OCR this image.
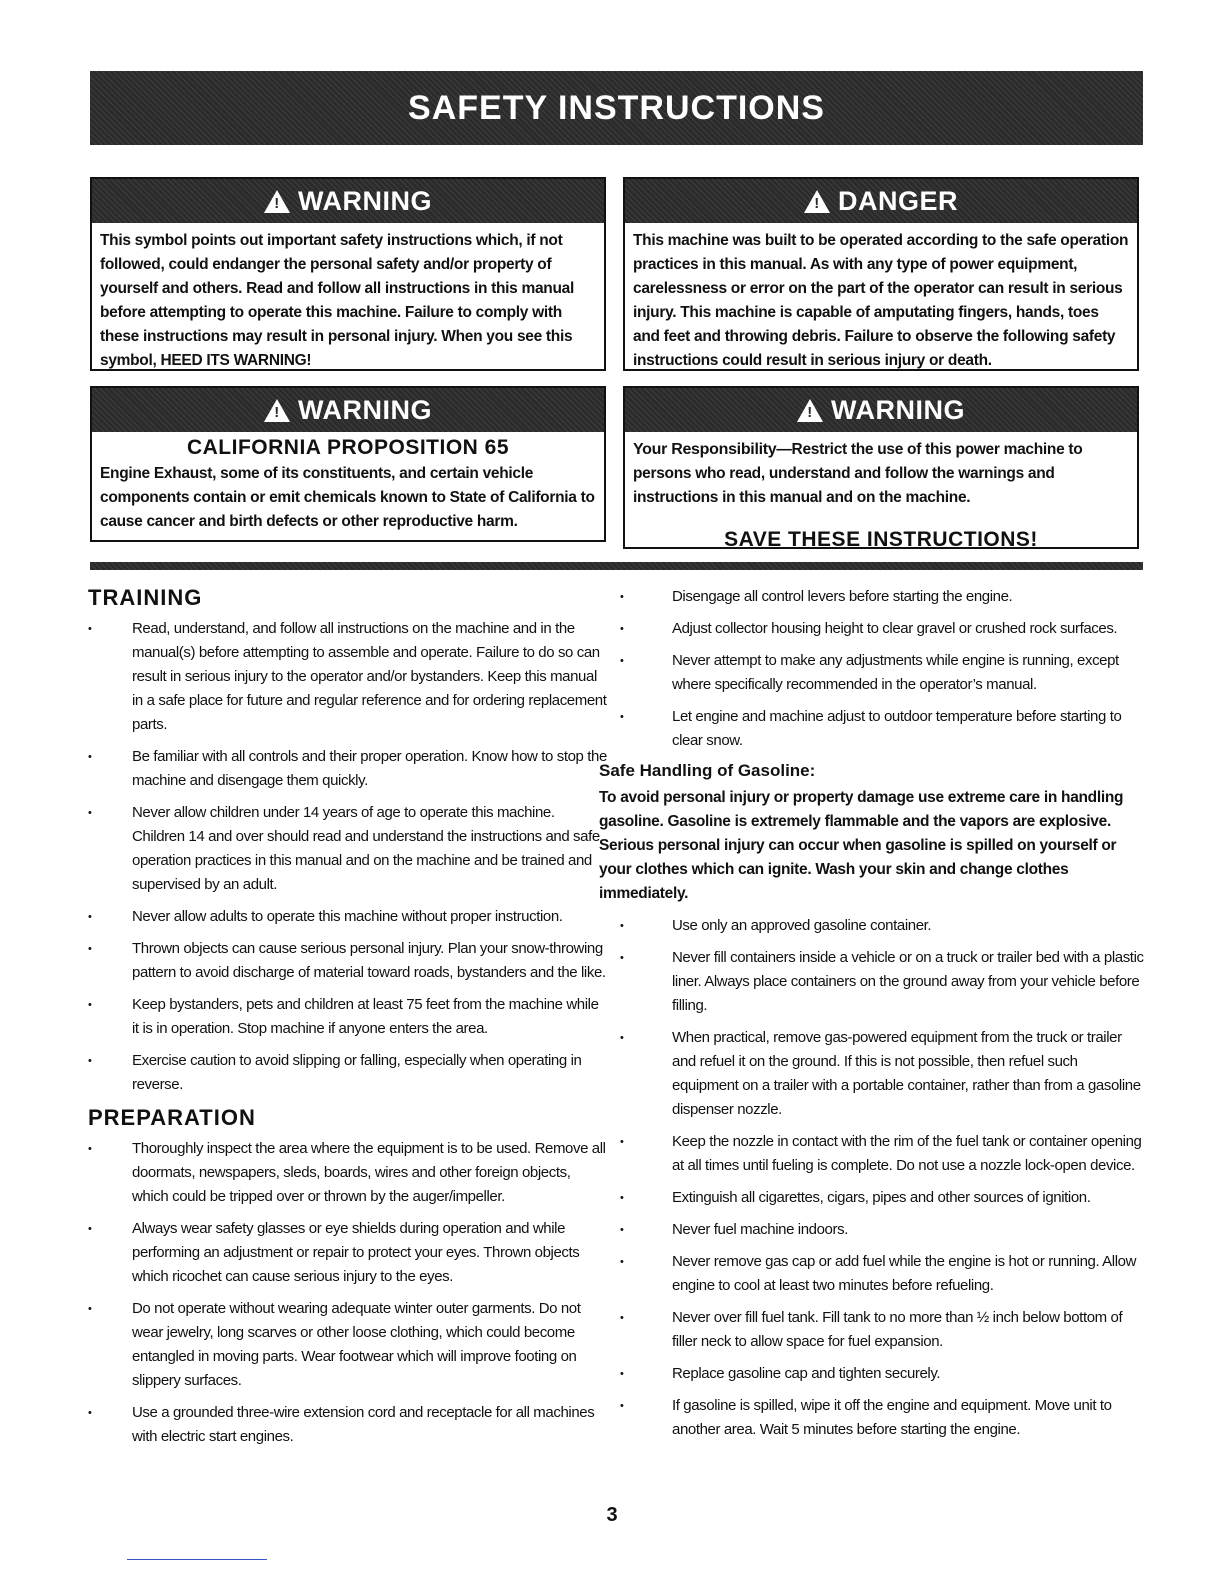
SAFETY INSTRUCTIONS
! WARNING
This symbol points out important safety instructions which, if not followed, could endanger the personal safety and/or property of yourself and others. Read and follow all instructions in this manual before attempting to operate this machine. Failure to comply with these instructions may result in personal injury. When you see this symbol, HEED ITS WARNING!
! DANGER
This machine was built to be operated according to the safe operation practices in this manual. As with any type of power equipment, carelessness or error on the part of the operator can result in serious injury. This machine is capable of amputating fingers, hands, toes and feet and throwing debris. Failure to observe the following safety instructions could result in serious injury or death.
! WARNING
CALIFORNIA PROPOSITION 65
Engine Exhaust, some of its constituents, and certain vehicle components contain or emit chemicals known to State of California to cause cancer and birth defects or other reproductive harm.
! WARNING
Your Responsibility—Restrict the use of this power machine to persons who read, understand and follow the warnings and instructions in this manual and on the machine.
SAVE THESE INSTRUCTIONS!
TRAINING
• Read, understand, and follow all instructions on the machine and in the manual(s) before attempting to assemble and operate. Failure to do so can result in serious injury to the operator and/or bystanders. Keep this manual in a safe place for future and regular reference and for ordering replacement parts.
• Be familiar with all controls and their proper operation. Know how to stop the machine and disengage them quickly.
• Never allow children under 14 years of age to operate this machine. Children 14 and over should read and understand the instructions and safe operation practices in this manual and on the machine and be trained and supervised by an adult.
• Never allow adults to operate this machine without proper instruction.
• Thrown objects can cause serious personal injury. Plan your snow-throwing pattern to avoid discharge of material toward roads, bystanders and the like.
• Keep bystanders, pets and children at least 75 feet from the machine while it is in operation. Stop machine if anyone enters the area.
• Exercise caution to avoid slipping or falling, especially when operating in reverse.
PREPARATION
• Thoroughly inspect the area where the equipment is to be used. Remove all doormats, newspapers, sleds, boards, wires and other foreign objects, which could be tripped over or thrown by the auger/impeller.
• Always wear safety glasses or eye shields during operation and while performing an adjustment or repair to protect your eyes. Thrown objects which ricochet can cause serious injury to the eyes.
• Do not operate without wearing adequate winter outer garments. Do not wear jewelry, long scarves or other loose clothing, which could become entangled in moving parts. Wear footwear which will improve footing on slippery surfaces.
• Use a grounded three-wire extension cord and receptacle for all machines with electric start engines.
• Disengage all control levers before starting the engine.
• Adjust collector housing height to clear gravel or crushed rock surfaces.
• Never attempt to make any adjustments while engine is running, except where specifically recommended in the operator’s manual.
• Let engine and machine adjust to outdoor temperature before starting to clear snow.
Safe Handling of Gasoline:
To avoid personal injury or property damage use extreme care in handling gasoline. Gasoline is extremely flammable and the vapors are explosive. Serious personal injury can occur when gasoline is spilled on yourself or your clothes which can ignite. Wash your skin and change clothes immediately.
• Use only an approved gasoline container.
• Never fill containers inside a vehicle or on a truck or trailer bed with a plastic liner. Always place containers on the ground away from your vehicle before filling.
• When practical, remove gas-powered equipment from the truck or trailer and refuel it on the ground. If this is not possible, then refuel such equipment on a trailer with a portable container, rather than from a gasoline dispenser nozzle.
• Keep the nozzle in contact with the rim of the fuel tank or container opening at all times until fueling is complete. Do not use a nozzle lock-open device.
• Extinguish all cigarettes, cigars, pipes and other sources of ignition.
• Never fuel machine indoors.
• Never remove gas cap or add fuel while the engine is hot or running. Allow engine to cool at least two minutes before refueling.
• Never over fill fuel tank. Fill tank to no more than ½ inch below bottom of filler neck to allow space for fuel expansion.
• Replace gasoline cap and tighten securely.
• If gasoline is spilled, wipe it off the engine and equipment. Move unit to another area. Wait 5 minutes before starting the engine.
3
